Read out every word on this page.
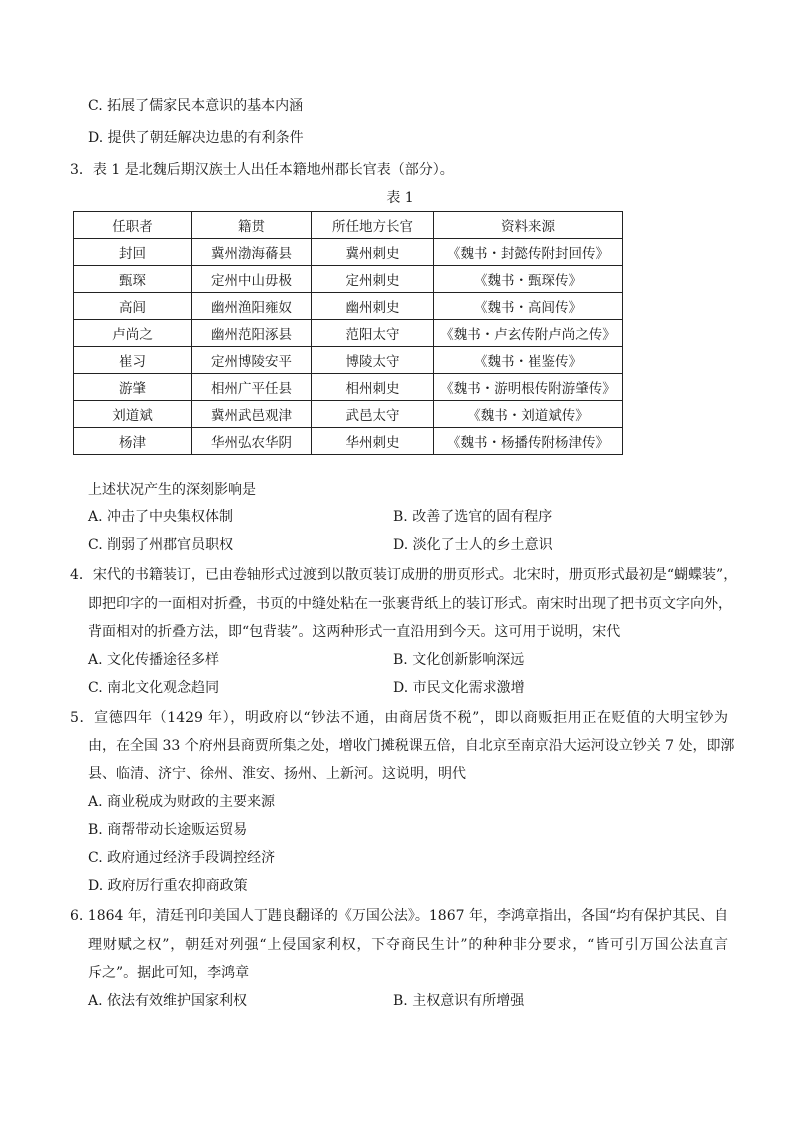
C. 拓展了儒家民本意识的基本内涵
D. 提供了朝廷解决边患的有利条件
3．表 1 是北魏后期汉族士人出任本籍地州郡长官表（部分）。
表 1
任职者	籍贯	所任地方长官	资料来源
封回	冀州渤海蓨县	冀州刺史	《魏书・封懿传附封回传》
甄琛	定州中山毋极	定州刺史	《魏书・甄琛传》
高闾	幽州渔阳雍奴	幽州刺史	《魏书・高闾传》
卢尚之	幽州范阳涿县	范阳太守	《魏书・卢玄传附卢尚之传》
崔习	定州博陵安平	博陵太守	《魏书・崔鉴传》
游肇	相州广平任县	相州刺史	《魏书・游明根传附游肇传》
刘道斌	冀州武邑观津	武邑太守	《魏书・刘道斌传》
杨津	华州弘农华阴	华州刺史	《魏书・杨播传附杨津传》
上述状况产生的深刻影响是
A. 冲击了中央集权体制	B. 改善了选官的固有程序
C. 削弱了州郡官员职权	D. 淡化了士人的乡土意识
4．宋代的书籍装订，已由卷轴形式过渡到以散页装订成册的册页形式。北宋时，册页形式最初是“蝴蝶装”，
即把印字的一面相对折叠，书页的中缝处粘在一张裹背纸上的装订形式。南宋时出现了把书页文字向外，
背面相对的折叠方法，即“包背装”。这两种形式一直沿用到今天。这可用于说明，宋代
A. 文化传播途径多样	B. 文化创新影响深远
C. 南北文化观念趋同	D. 市民文化需求激增
5．宣德四年（1429 年），明政府以“钞法不通，由商居货不税”，即以商贩拒用正在贬值的大明宝钞为
由，在全国 33 个府州县商贾所集之处，增收门摊税课五倍，自北京至南京沿大运河设立钞关 7 处，即漷
县、临清、济宁、徐州、淮安、扬州、上新河。这说明，明代
A. 商业税成为财政的主要来源
B. 商帮带动长途贩运贸易
C. 政府通过经济手段调控经济
D. 政府厉行重农抑商政策
6. 1864 年，清廷刊印美国人丁韪良翻译的《万国公法》。1867 年，李鸿章指出，各国“均有保护其民、自
理财赋之权”，朝廷对列强“上侵国家利权，下夺商民生计”的种种非分要求，“皆可引万国公法直言
斥之”。据此可知，李鸿章
A. 依法有效维护国家利权	B. 主权意识有所增强
